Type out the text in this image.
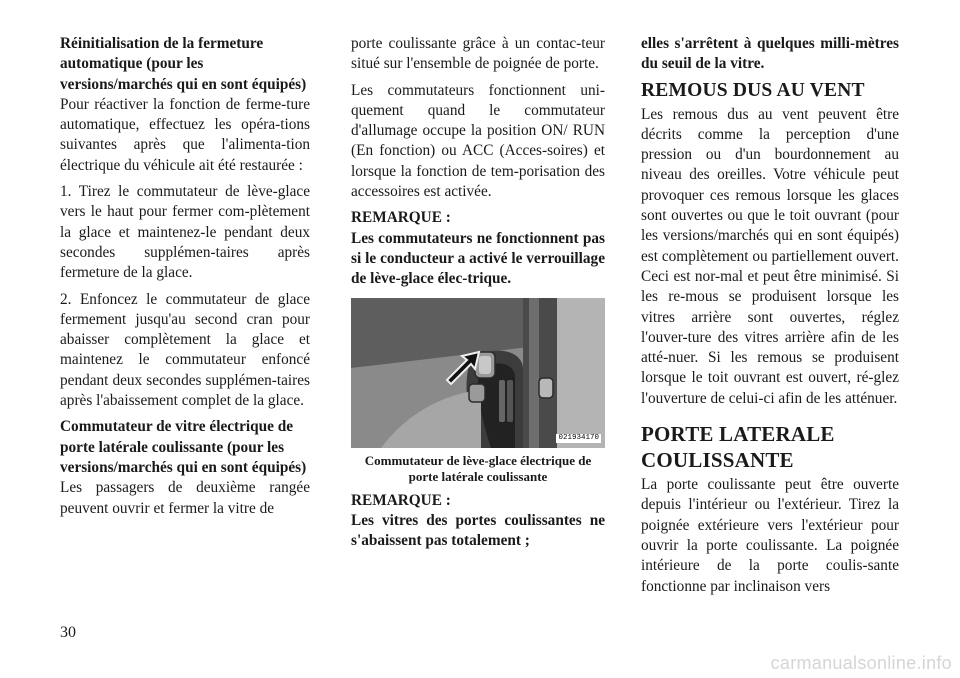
Réinitialisation de la fermeture automatique (pour les versions/marchés qui en sont équipés)

Pour réactiver la fonction de ferme-ture automatique, effectuez les opéra-tions suivantes après que l'alimenta-tion électrique du véhicule ait été restaurée :

1. Tirez le commutateur de lève-glace vers le haut pour fermer com-plètement la glace et maintenez-le pendant deux secondes supplémen-taires après fermeture de la glace.

2. Enfoncez le commutateur de glace fermement jusqu'au second cran pour abaisser complètement la glace et maintenez le commutateur enfoncé pendant deux secondes supplémen-taires après l'abaissement complet de la glace.

Commutateur de vitre électrique de porte latérale coulissante (pour les versions/marchés qui en sont équipés)

Les passagers de deuxième rangée peuvent ouvrir et fermer la vitre de

porte coulissante grâce à un contac-teur situé sur l'ensemble de poignée de porte.

Les commutateurs fonctionnent uni-quement quand le commutateur d'allumage occupe la position ON/ RUN (En fonction) ou ACC (Acces-soires) et lorsque la fonction de tem-porisation des accessoires est activée.

REMARQUE :

Les commutateurs ne fonctionnent pas si le conducteur a activé le verrouillage de lève-glace élec-trique.

021934170
Commutateur de lève-glace électrique de porte latérale coulissante

REMARQUE :

Les vitres des portes coulissantes ne s'abaissent pas totalement ;

elles s'arrêtent à quelques milli-mètres du seuil de la vitre.

REMOUS DUS AU VENT

Les remous dus au vent peuvent être décrits comme la perception d'une pression ou d'un bourdonnement au niveau des oreilles. Votre véhicule peut provoquer ces remous lorsque les glaces sont ouvertes ou que le toit ouvrant (pour les versions/marchés qui en sont équipés) est complètement ou partiellement ouvert. Ceci est nor-mal et peut être minimisé. Si les re-mous se produisent lorsque les vitres arrière sont ouvertes, réglez l'ouver-ture des vitres arrière afin de les atté-nuer. Si les remous se produisent lorsque le toit ouvrant est ouvert, ré-glez l'ouverture de celui-ci afin de les atténuer.

PORTE LATERALE COULISSANTE

La porte coulissante peut être ouverte depuis l'intérieur ou l'extérieur. Tirez la poignée extérieure vers l'extérieur pour ouvrir la porte coulissante. La poignée intérieure de la porte coulis-sante fonctionne par inclinaison vers

30
carmanualsonline.info
